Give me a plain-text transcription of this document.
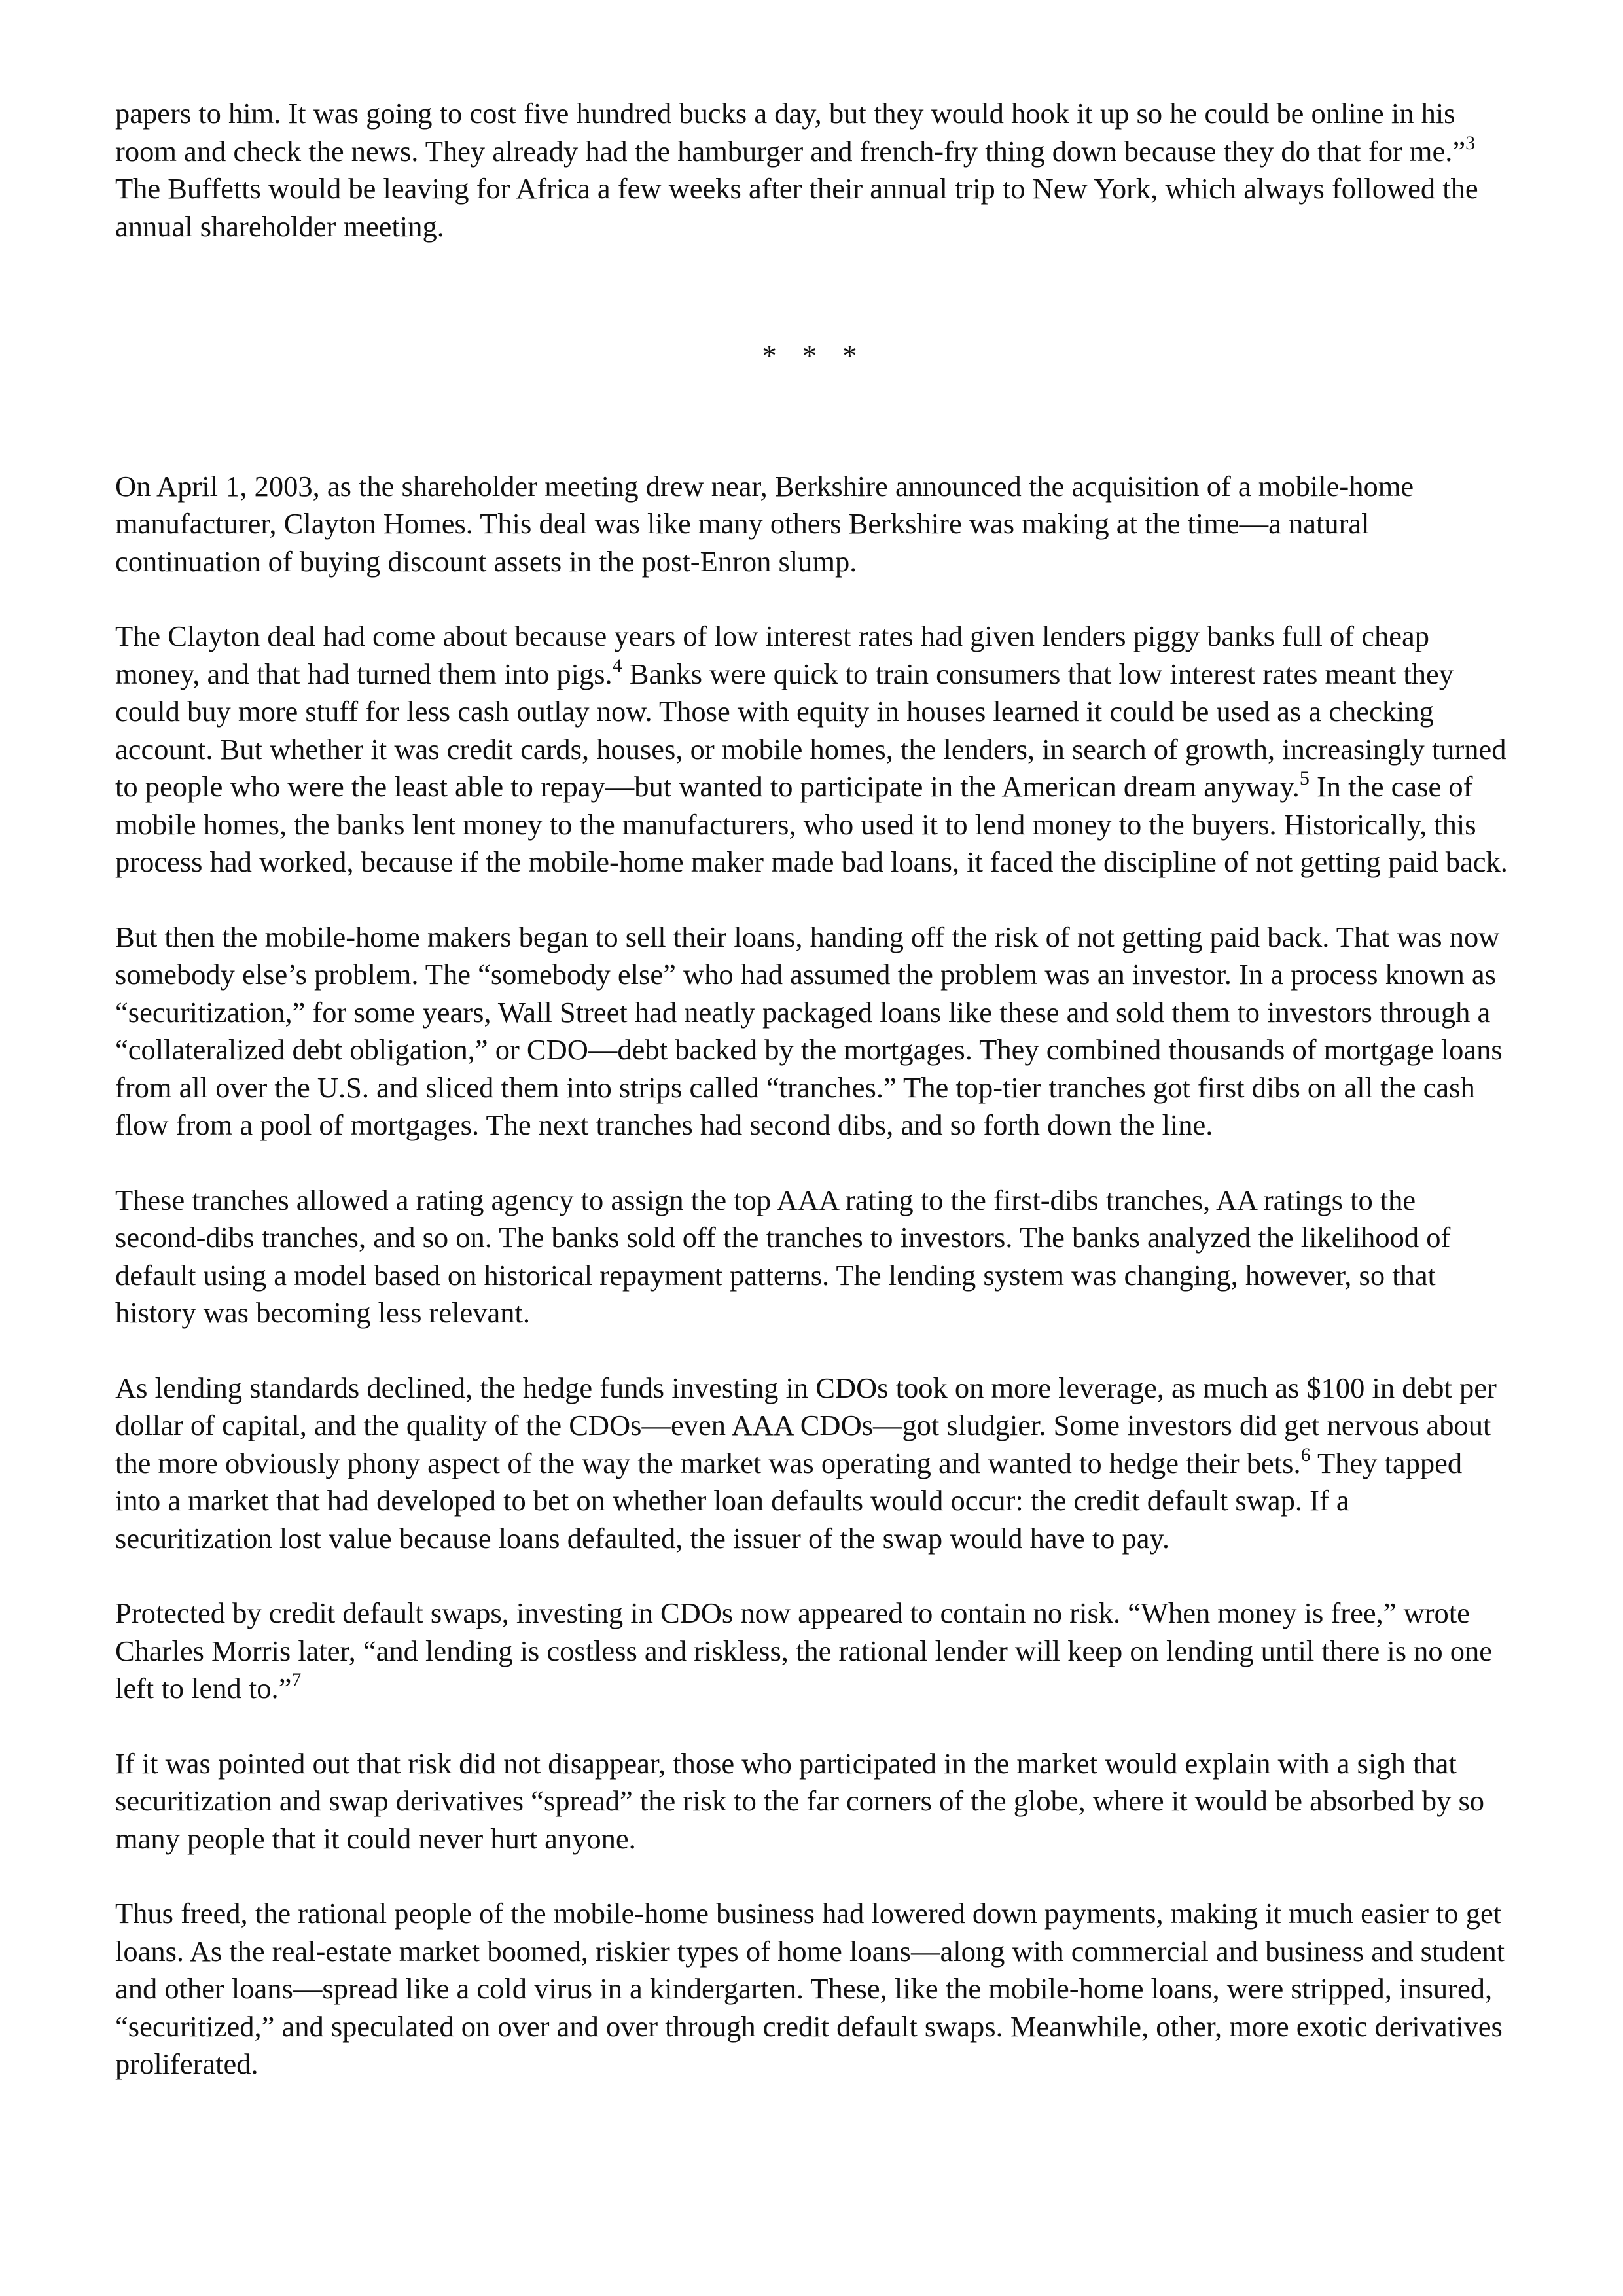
papers to him. It was going to cost five hundred bucks a day, but they would hook it up so he could be online in his room and check the news. They already had the hamburger and french-fry thing down because they do that for me.”$^3$ The Buffetts would be leaving for Africa a few weeks after their annual trip to New York, which always followed the annual shareholder meeting.

* * *

On April 1, 2003, as the shareholder meeting drew near, Berkshire announced the acquisition of a mobile-home manufacturer, Clayton Homes. This deal was like many others Berkshire was making at the time—a natural continuation of buying discount assets in the post-Enron slump.

The Clayton deal had come about because years of low interest rates had given lenders piggy banks full of cheap money, and that had turned them into pigs.$^4$ Banks were quick to train consumers that low interest rates meant they could buy more stuff for less cash outlay now. Those with equity in houses learned it could be used as a checking account. But whether it was credit cards, houses, or mobile homes, the lenders, in search of growth, increasingly turned to people who were the least able to repay—but wanted to participate in the American dream anyway.$^5$ In the case of mobile homes, the banks lent money to the manufacturers, who used it to lend money to the buyers. Historically, this process had worked, because if the mobile-home maker made bad loans, it faced the discipline of not getting paid back.

But then the mobile-home makers began to sell their loans, handing off the risk of not getting paid back. That was now somebody else’s problem. The “somebody else” who had assumed the problem was an investor. In a process known as “securitization,” for some years, Wall Street had neatly packaged loans like these and sold them to investors through a “collateralized debt obligation,” or CDO—debt backed by the mortgages. They combined thousands of mortgage loans from all over the U.S. and sliced them into strips called “tranches.” The top-tier tranches got first dibs on all the cash flow from a pool of mortgages. The next tranches had second dibs, and so forth down the line.

These tranches allowed a rating agency to assign the top AAA rating to the first-dibs tranches, AA ratings to the second-dibs tranches, and so on. The banks sold off the tranches to investors. The banks analyzed the likelihood of default using a model based on historical repayment patterns. The lending system was changing, however, so that history was becoming less relevant.

As lending standards declined, the hedge funds investing in CDOs took on more leverage, as much as $100 in debt per dollar of capital, and the quality of the CDOs—even AAA CDOs—got sludgier. Some investors did get nervous about the more obviously phony aspect of the way the market was operating and wanted to hedge their bets.$^6$ They tapped into a market that had developed to bet on whether loan defaults would occur: the credit default swap. If a securitization lost value because loans defaulted, the issuer of the swap would have to pay.

Protected by credit default swaps, investing in CDOs now appeared to contain no risk. “When money is free,” wrote Charles Morris later, “and lending is costless and riskless, the rational lender will keep on lending until there is no one left to lend to.”$^7$

If it was pointed out that risk did not disappear, those who participated in the market would explain with a sigh that securitization and swap derivatives “spread” the risk to the far corners of the globe, where it would be absorbed by so many people that it could never hurt anyone.

Thus freed, the rational people of the mobile-home business had lowered down payments, making it much easier to get loans. As the real-estate market boomed, riskier types of home loans—along with commercial and business and student and other loans—spread like a cold virus in a kindergarten. These, like the mobile-home loans, were stripped, insured, “securitized,” and speculated on over and over through credit default swaps. Meanwhile, other, more exotic derivatives proliferated.
